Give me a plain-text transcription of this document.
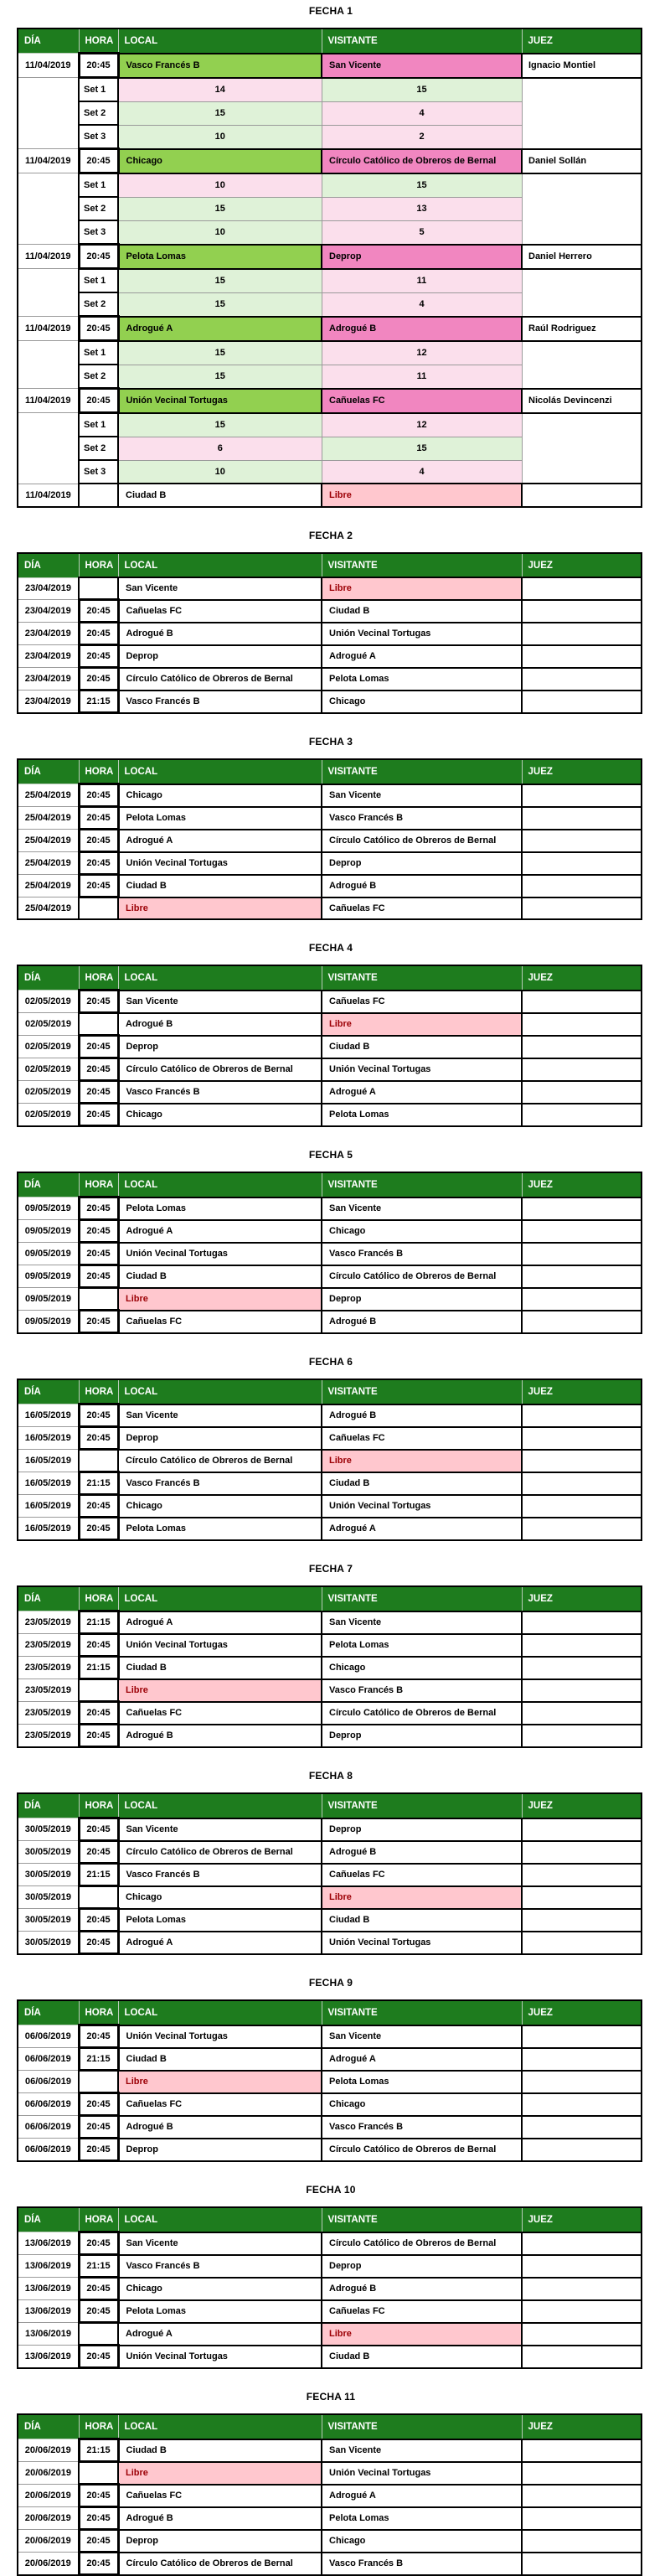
FECHA 1
DÍA	HORA	LOCAL	VISITANTE	JUEZ
11/04/2019	20:45	Vasco Francés B	San Vicente	Ignacio Montiel
	Set 1	14	15	
	Set 2	15	4	
	Set 3	10	2	
11/04/2019	20:45	Chicago	Círculo Católico de Obreros de Bernal	Daniel Sollán
	Set 1	10	15	
	Set 2	15	13	
	Set 3	10	5	
11/04/2019	20:45	Pelota Lomas	Deprop	Daniel Herrero
	Set 1	15	11	
	Set 2	15	4	
11/04/2019	20:45	Adrogué A	Adrogué B	Raúl Rodriguez
	Set 1	15	12	
	Set 2	15	11	
11/04/2019	20:45	Unión Vecinal Tortugas	Cañuelas FC	Nicolás Devincenzi
	Set 1	15	12	
	Set 2	6	15	
	Set 3	10	4	
11/04/2019		Ciudad B	Libre	
FECHA 2
DÍA	HORA	LOCAL	VISITANTE	JUEZ
23/04/2019		San Vicente	Libre	
23/04/2019	20:45	Cañuelas FC	Ciudad B	
23/04/2019	20:45	Adrogué B	Unión Vecinal Tortugas	
23/04/2019	20:45	Deprop	Adrogué A	
23/04/2019	20:45	Círculo Católico de Obreros de Bernal	Pelota Lomas	
23/04/2019	21:15	Vasco Francés B	Chicago	
FECHA 3
DÍA	HORA	LOCAL	VISITANTE	JUEZ
25/04/2019	20:45	Chicago	San Vicente	
25/04/2019	20:45	Pelota Lomas	Vasco Francés B	
25/04/2019	20:45	Adrogué A	Círculo Católico de Obreros de Bernal	
25/04/2019	20:45	Unión Vecinal Tortugas	Deprop	
25/04/2019	20:45	Ciudad B	Adrogué B	
25/04/2019		Libre	Cañuelas FC	
FECHA 4
DÍA	HORA	LOCAL	VISITANTE	JUEZ
02/05/2019	20:45	San Vicente	Cañuelas FC	
02/05/2019		Adrogué B	Libre	
02/05/2019	20:45	Deprop	Ciudad B	
02/05/2019	20:45	Círculo Católico de Obreros de Bernal	Unión Vecinal Tortugas	
02/05/2019	20:45	Vasco Francés B	Adrogué A	
02/05/2019	20:45	Chicago	Pelota Lomas	
FECHA 5
DÍA	HORA	LOCAL	VISITANTE	JUEZ
09/05/2019	20:45	Pelota Lomas	San Vicente	
09/05/2019	20:45	Adrogué A	Chicago	
09/05/2019	20:45	Unión Vecinal Tortugas	Vasco Francés B	
09/05/2019	20:45	Ciudad B	Círculo Católico de Obreros de Bernal	
09/05/2019		Libre	Deprop	
09/05/2019	20:45	Cañuelas FC	Adrogué B	
FECHA 6
DÍA	HORA	LOCAL	VISITANTE	JUEZ
16/05/2019	20:45	San Vicente	Adrogué B	
16/05/2019	20:45	Deprop	Cañuelas FC	
16/05/2019		Círculo Católico de Obreros de Bernal	Libre	
16/05/2019	21:15	Vasco Francés B	Ciudad B	
16/05/2019	20:45	Chicago	Unión Vecinal Tortugas	
16/05/2019	20:45	Pelota Lomas	Adrogué A	
FECHA 7
DÍA	HORA	LOCAL	VISITANTE	JUEZ
23/05/2019	21:15	Adrogué A	San Vicente	
23/05/2019	20:45	Unión Vecinal Tortugas	Pelota Lomas	
23/05/2019	21:15	Ciudad B	Chicago	
23/05/2019		Libre	Vasco Francés B	
23/05/2019	20:45	Cañuelas FC	Círculo Católico de Obreros de Bernal	
23/05/2019	20:45	Adrogué B	Deprop	
FECHA 8
DÍA	HORA	LOCAL	VISITANTE	JUEZ
30/05/2019	20:45	San Vicente	Deprop	
30/05/2019	20:45	Círculo Católico de Obreros de Bernal	Adrogué B	
30/05/2019	21:15	Vasco Francés B	Cañuelas FC	
30/05/2019		Chicago	Libre	
30/05/2019	20:45	Pelota Lomas	Ciudad B	
30/05/2019	20:45	Adrogué A	Unión Vecinal Tortugas	
FECHA 9
DÍA	HORA	LOCAL	VISITANTE	JUEZ
06/06/2019	20:45	Unión Vecinal Tortugas	San Vicente	
06/06/2019	21:15	Ciudad B	Adrogué A	
06/06/2019		Libre	Pelota Lomas	
06/06/2019	20:45	Cañuelas FC	Chicago	
06/06/2019	20:45	Adrogué B	Vasco Francés B	
06/06/2019	20:45	Deprop	Círculo Católico de Obreros de Bernal	
FECHA 10
DÍA	HORA	LOCAL	VISITANTE	JUEZ
13/06/2019	20:45	San Vicente	Círculo Católico de Obreros de Bernal	
13/06/2019	21:15	Vasco Francés B	Deprop	
13/06/2019	20:45	Chicago	Adrogué B	
13/06/2019	20:45	Pelota Lomas	Cañuelas FC	
13/06/2019		Adrogué A	Libre	
13/06/2019	20:45	Unión Vecinal Tortugas	Ciudad B	
FECHA 11
DÍA	HORA	LOCAL	VISITANTE	JUEZ
20/06/2019	21:15	Ciudad B	San Vicente	
20/06/2019		Libre	Unión Vecinal Tortugas	
20/06/2019	20:45	Cañuelas FC	Adrogué A	
20/06/2019	20:45	Adrogué B	Pelota Lomas	
20/06/2019	20:45	Deprop	Chicago	
20/06/2019	20:45	Círculo Católico de Obreros de Bernal	Vasco Francés B	
